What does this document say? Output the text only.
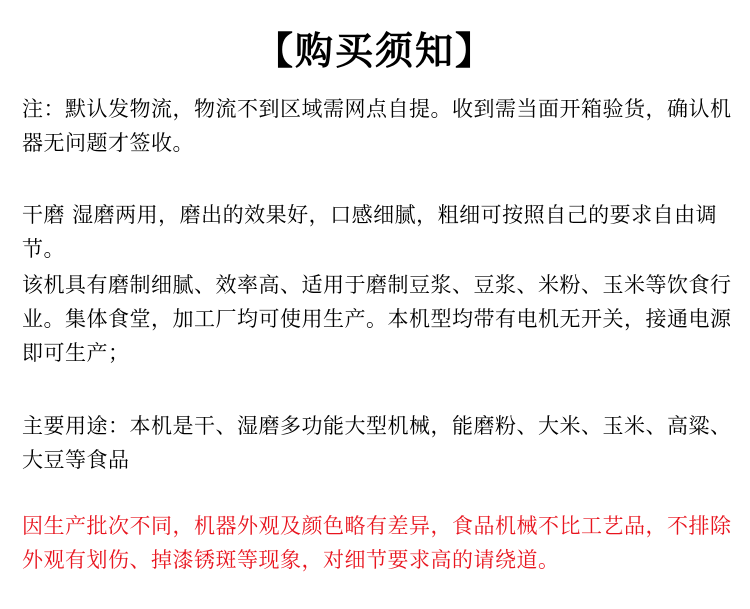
【购买须知】

注：默认发物流，物流不到区域需网点自提。收到需当面开箱验货，确认机器无问题才签收。

干磨 湿磨两用，磨出的效果好，口感细腻，粗细可按照自己的要求自由调节。

该机具有磨制细腻、效率高、适用于磨制豆浆、豆浆、米粉、玉米等饮食行业。集体食堂，加工厂均可使用生产。本机型均带有电机无开关，接通电源即可生产；

主要用途：本机是干、湿磨多功能大型机械，能磨粉、大米、玉米、高粱、大豆等食品

因生产批次不同，机器外观及颜色略有差异，食品机械不比工艺品，不排除外观有划伤、掉漆锈斑等现象，对细节要求高的请绕道。
